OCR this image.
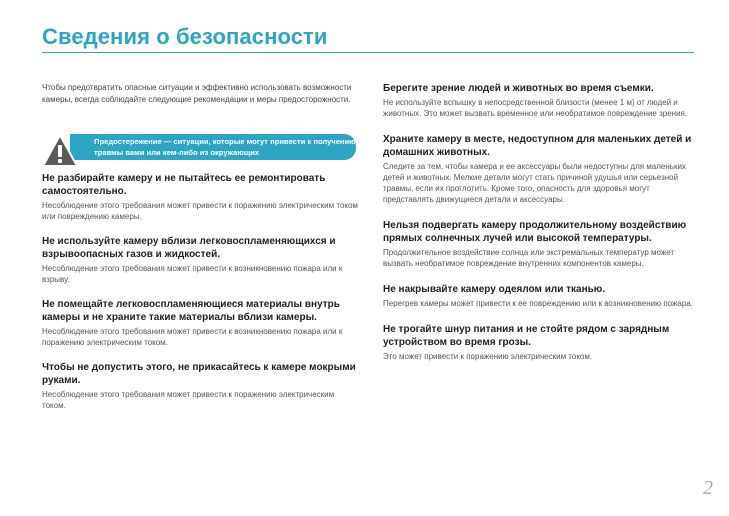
Сведения о безопасности

Чтобы предотвратить опасные ситуации и эффективно использовать возможности камеры, всегда соблюдайте следующие рекомендации и меры предосторожности.

Предостережение — ситуации, которые могут привести к получению травмы вами или кем-либо из окружающих

Не разбирайте камеру и не пытайтесь ее ремонтировать самостоятельно.

Несоблюдение этого требования может привести к поражению электрическим током или повреждению камеры.

Не используйте камеру вблизи легковоспламеняющихся и взрывоопасных газов и жидкостей.

Несоблюдение этого требования может привести к возникновению пожара или к взрыву.

Не помещайте легковоспламеняющиеся материалы внутрь камеры и не храните такие материалы вблизи камеры.

Несоблюдение этого требования может привести к возникновению пожара или к поражению электрическим током.

Чтобы не допустить этого, не прикасайтесь к камере мокрыми руками.

Несоблюдение этого требования может привести к поражению электрическим током.

Берегите зрение людей и животных во время съемки.

Не используйте вспышку в непосредственной близости (менее 1 м) от людей и животных. Это может вызвать временное или необратимое повреждение зрения.

Храните камеру в месте, недоступном для маленьких детей и домашних животных.

Следите за тем, чтобы камера и ее аксессуары были недоступны для маленьких детей и животных. Мелкие детали могут стать причиной удушья или серьезной травмы, если их проглотить. Кроме того, опасность для здоровья могут представлять движущиеся детали и аксессуары.

Нельзя подвергать камеру продолжительному воздействию прямых солнечных лучей или высокой температуры.

Продолжительное воздействие солнца или экстремальных температур может вызвать необратимое повреждение внутренних компонентов камеры.

Не накрывайте камеру одеялом или тканью.

Перегрев камеры может привести к ее повреждению или к возникновению пожара.

Не трогайте шнур питания и не стойте рядом с зарядным устройством во время грозы.

Это может привести к поражению электрическим током.

2
